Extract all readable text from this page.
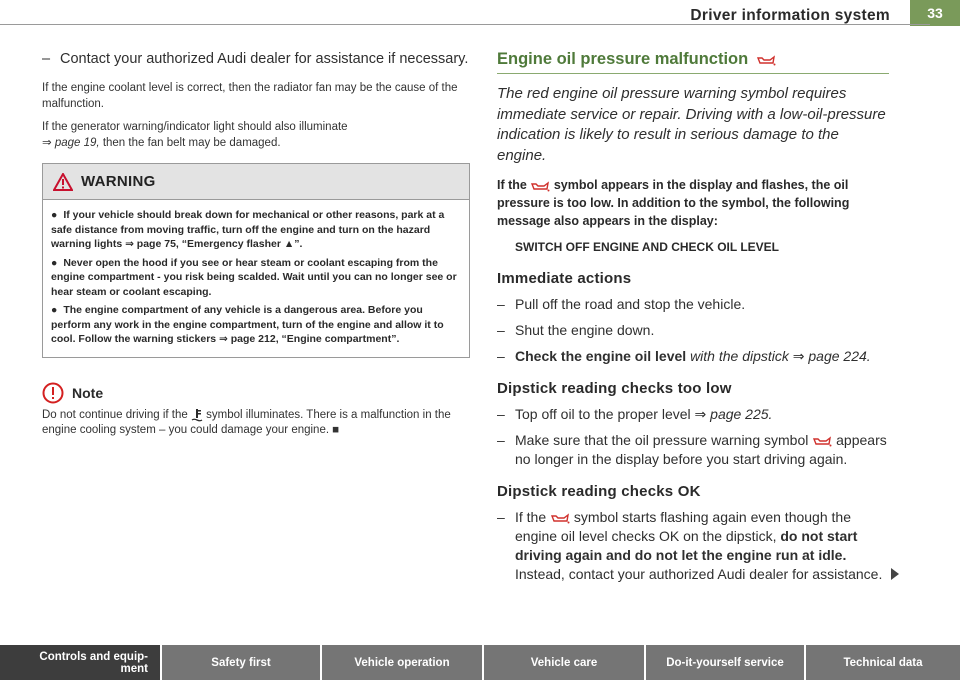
Driver information system	33
– Contact your authorized Audi dealer for assistance if necessary.

If the engine coolant level is correct, then the radiator fan may be the cause of the malfunction.

If the generator warning/indicator light should also illuminate
⇒ page 19, then the fan belt may be damaged.

WARNING
● If your vehicle should break down for mechanical or other reasons, park at a safe distance from moving traffic, turn off the engine and turn on the hazard warning lights ⇒ page 75, “Emergency flasher ▲”.
● Never open the hood if you see or hear steam or coolant escaping from the engine compartment - you risk being scalded. Wait until you can no longer see or hear steam or coolant escaping.
● The engine compartment of any vehicle is a dangerous area. Before you perform any work in the engine compartment, turn of the engine and allow it to cool. Follow the warning stickers ⇒ page 212, “Engine compartment”.
Note

Do not continue driving if the symbol illuminates. There is a malfunction in the engine cooling system – you could damage your engine. ■

Engine oil pressure malfunction

The red engine oil pressure warning symbol requires immediate service or repair. Driving with a low-oil-pressure indication is likely to result in serious damage to the engine.

If the symbol appears in the display and flashes, the oil pressure is too low. In addition to the symbol, the following message also appears in the display:

SWITCH OFF ENGINE AND CHECK OIL LEVEL

Immediate actions
– Pull off the road and stop the vehicle.
– Shut the engine down.
– Check the engine oil level with the dipstick ⇒ page 224.
Dipstick reading checks too low
– Top off oil to the proper level ⇒ page 225.
– Make sure that the oil pressure warning symbol appears no longer in the display before you start driving again.
Dipstick reading checks OK
– If the symbol starts flashing again even though the engine oil level checks OK on the dipstick, do not start driving again and do not let the engine run at idle. Instead, contact your authorized Audi dealer for assistance.
Controls and equip-
ment	Safety first	Vehicle operation	Vehicle care	Do-it-yourself service	Technical data
